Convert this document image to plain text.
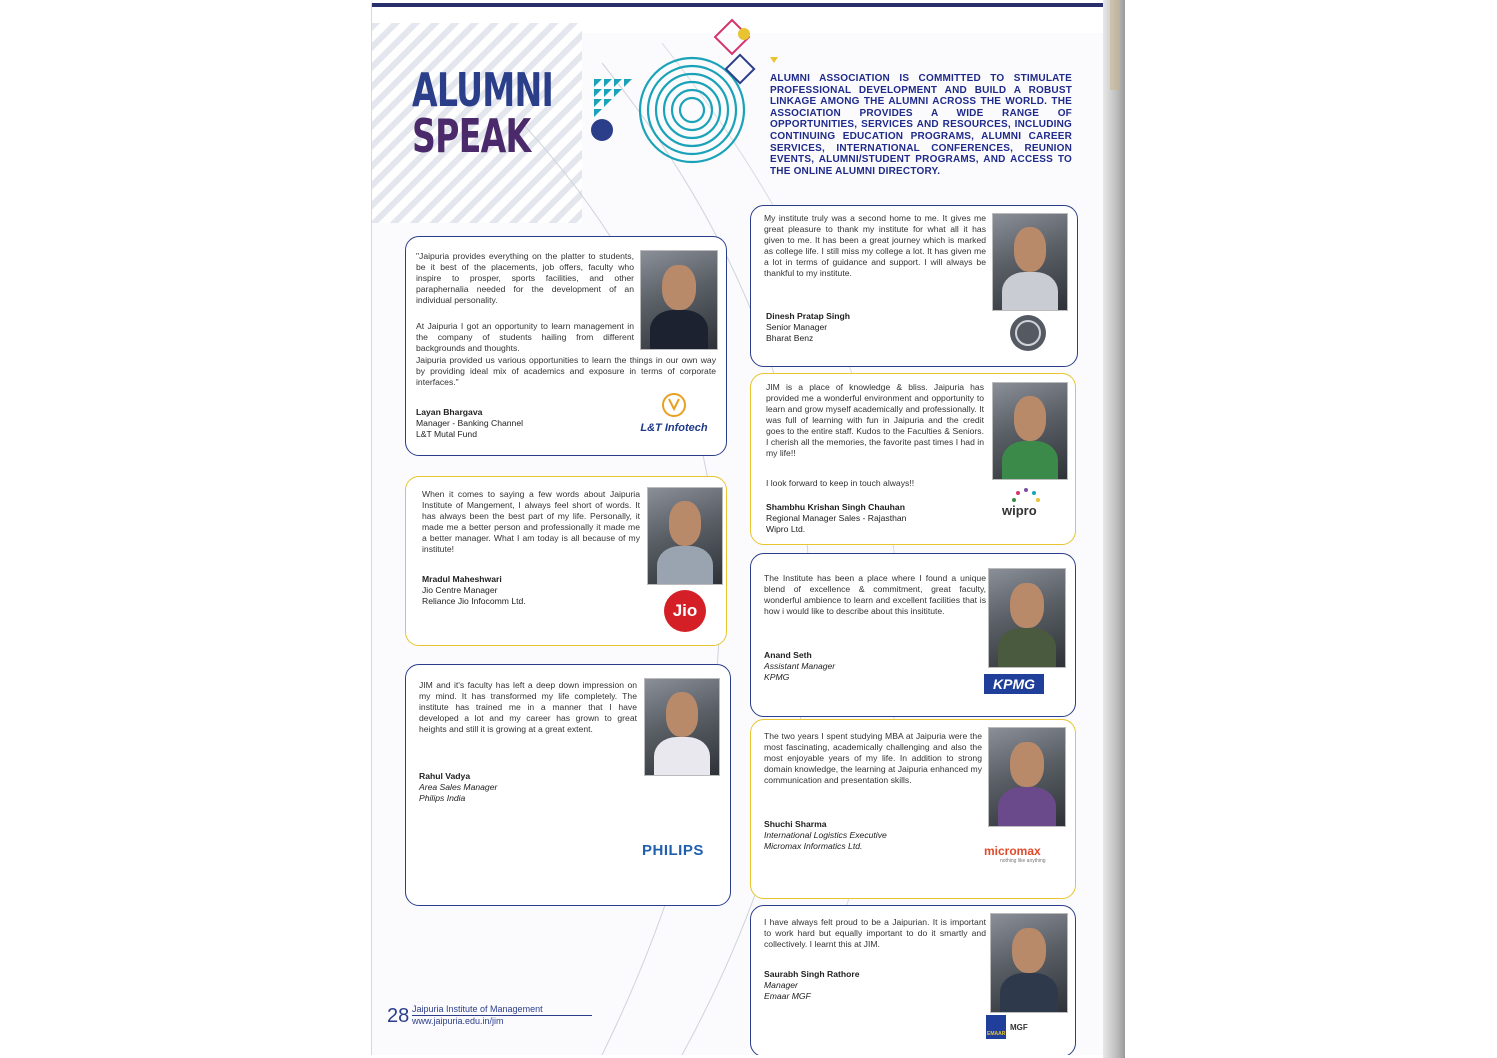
ALUMNI
SPEAK
ALUMNI ASSOCIATION IS COMMITTED TO STIMULATE PROFESSIONAL DEVELOPMENT AND BUILD A ROBUST LINKAGE AMONG THE ALUMNI ACROSS THE WORLD. THE ASSOCIATION PROVIDES A WIDE RANGE OF OPPORTUNITIES, SERVICES AND RESOURCES, INCLUDING CONTINUING EDUCATION PROGRAMS, ALUMNI CAREER SERVICES, INTERNATIONAL CONFERENCES, REUNION EVENTS, ALUMNI/STUDENT PROGRAMS, AND ACCESS TO THE ONLINE ALUMNI DIRECTORY.
"Jaipuria provides everything on the platter to students, be it best of the placements, job offers, faculty who inspire to prosper, sports facilities, and other paraphernalia needed for the development of an individual personality.
At Jaipuria I got an opportunity to learn management in the company of students hailing from different backgrounds and thoughts.
Jaipuria provided us various opportunities to learn the things in our own way by providing ideal mix of academics and exposure in terms of corporate interfaces."
Layan Bhargava
Manager - Banking Channel
L&T Mutal Fund	L&T Infotech
When it comes to saying a few words about Jaipuria Institute of Mangement, I always feel short of words. It has always been the best part of my life. Personally, it made me a better person and professionally it made me a better manager. What I am today is all because of my institute!
Mradul Maheshwari
Jio Centre Manager
Reliance Jio Infocomm Ltd.	Jio
JIM and it's faculty has left a deep down impression on my mind. It has transformed my life completely. The institute has trained me in a manner that I have developed a lot and my career has grown to great heights and still it is growing at a great extent.
Rahul Vadya
Area Sales Manager
Philips India
PHILIPS
My institute truly was a second home to me. It gives me great pleasure to thank my institute for what all it has given to me. It has been a great journey which is marked as college life. I still miss my college a lot. It has given me a lot in terms of guidance and support. I will always be thankful to my institute.
Dinesh Pratap Singh
Senior Manager
Bharat Benz
JIM is a place of knowledge & bliss. Jaipuria has provided me a wonderful environment and opportunity to learn and grow myself academically and professionally. It was full of learning with fun in Jaipuria and the credit goes to the entire staff. Kudos to the Faculties & Seniors. I cherish all the memories, the favorite past times I had in my life!!
I look forward to keep in touch always!!
Shambhu Krishan Singh Chauhan
Regional Manager Sales - Rajasthan
Wipro Ltd.
wipro
The Institute has been a place where I found a unique blend of excellence & commitment, great faculty, wonderful ambience to learn and excellent facilities that is how i would like to describe about this insititute.
Anand Seth
Assistant Manager
KPMG	KPMG
The two years I spent studying MBA at Jaipuria were the most fascinating, academically challenging and also the most enjoyable years of my life. In addition to strong domain knowledge, the learning at Jaipuria enhanced my communication and presentation skills.
Shuchi Sharma
International Logistics Executive
Micromax Informatics Ltd.	micromax
nothing like anything
I have always felt proud to be a Jaipurian. It is important to work hard but equally important to do it smartly and collectively. I learnt this at JIM.
Saurabh Singh Rathore
Manager
Emaar MGF
EMAAR
MGF
28 Jaipuria Institute of Management
www.jaipuria.edu.in/jim
